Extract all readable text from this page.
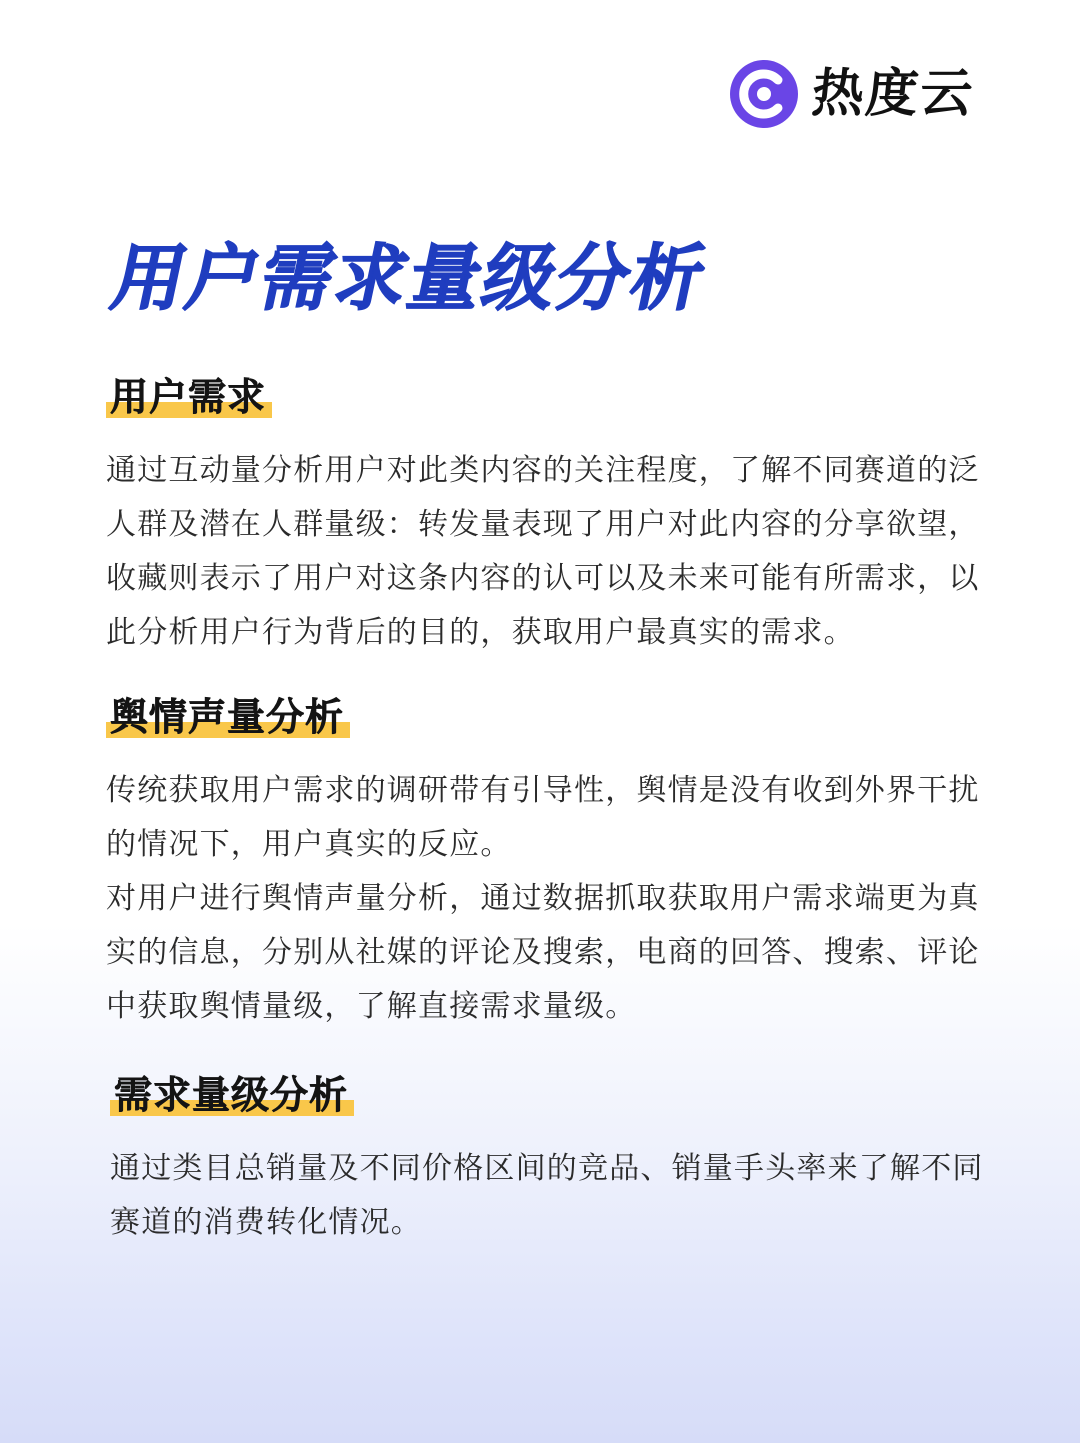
热度云
用户需求量级分析
用户需求

通过互动量分析用户对此类内容的关注程度，了解不同赛道的泛人群及潜在人群量级：转发量表现了用户对此内容的分享欲望，收藏则表示了用户对这条内容的认可以及未来可能有所需求，以此分析用户行为背后的目的，获取用户最真实的需求。

舆情声量分析

传统获取用户需求的调研带有引导性，舆情是没有收到外界干扰的情况下，用户真实的反应。

对用户进行舆情声量分析，通过数据抓取获取用户需求端更为真实的信息，分别从社媒的评论及搜索，电商的回答、搜索、评论中获取舆情量级，了解直接需求量级。

需求量级分析

通过类目总销量及不同价格区间的竞品、销量手头率来了解不同赛道的消费转化情况。
